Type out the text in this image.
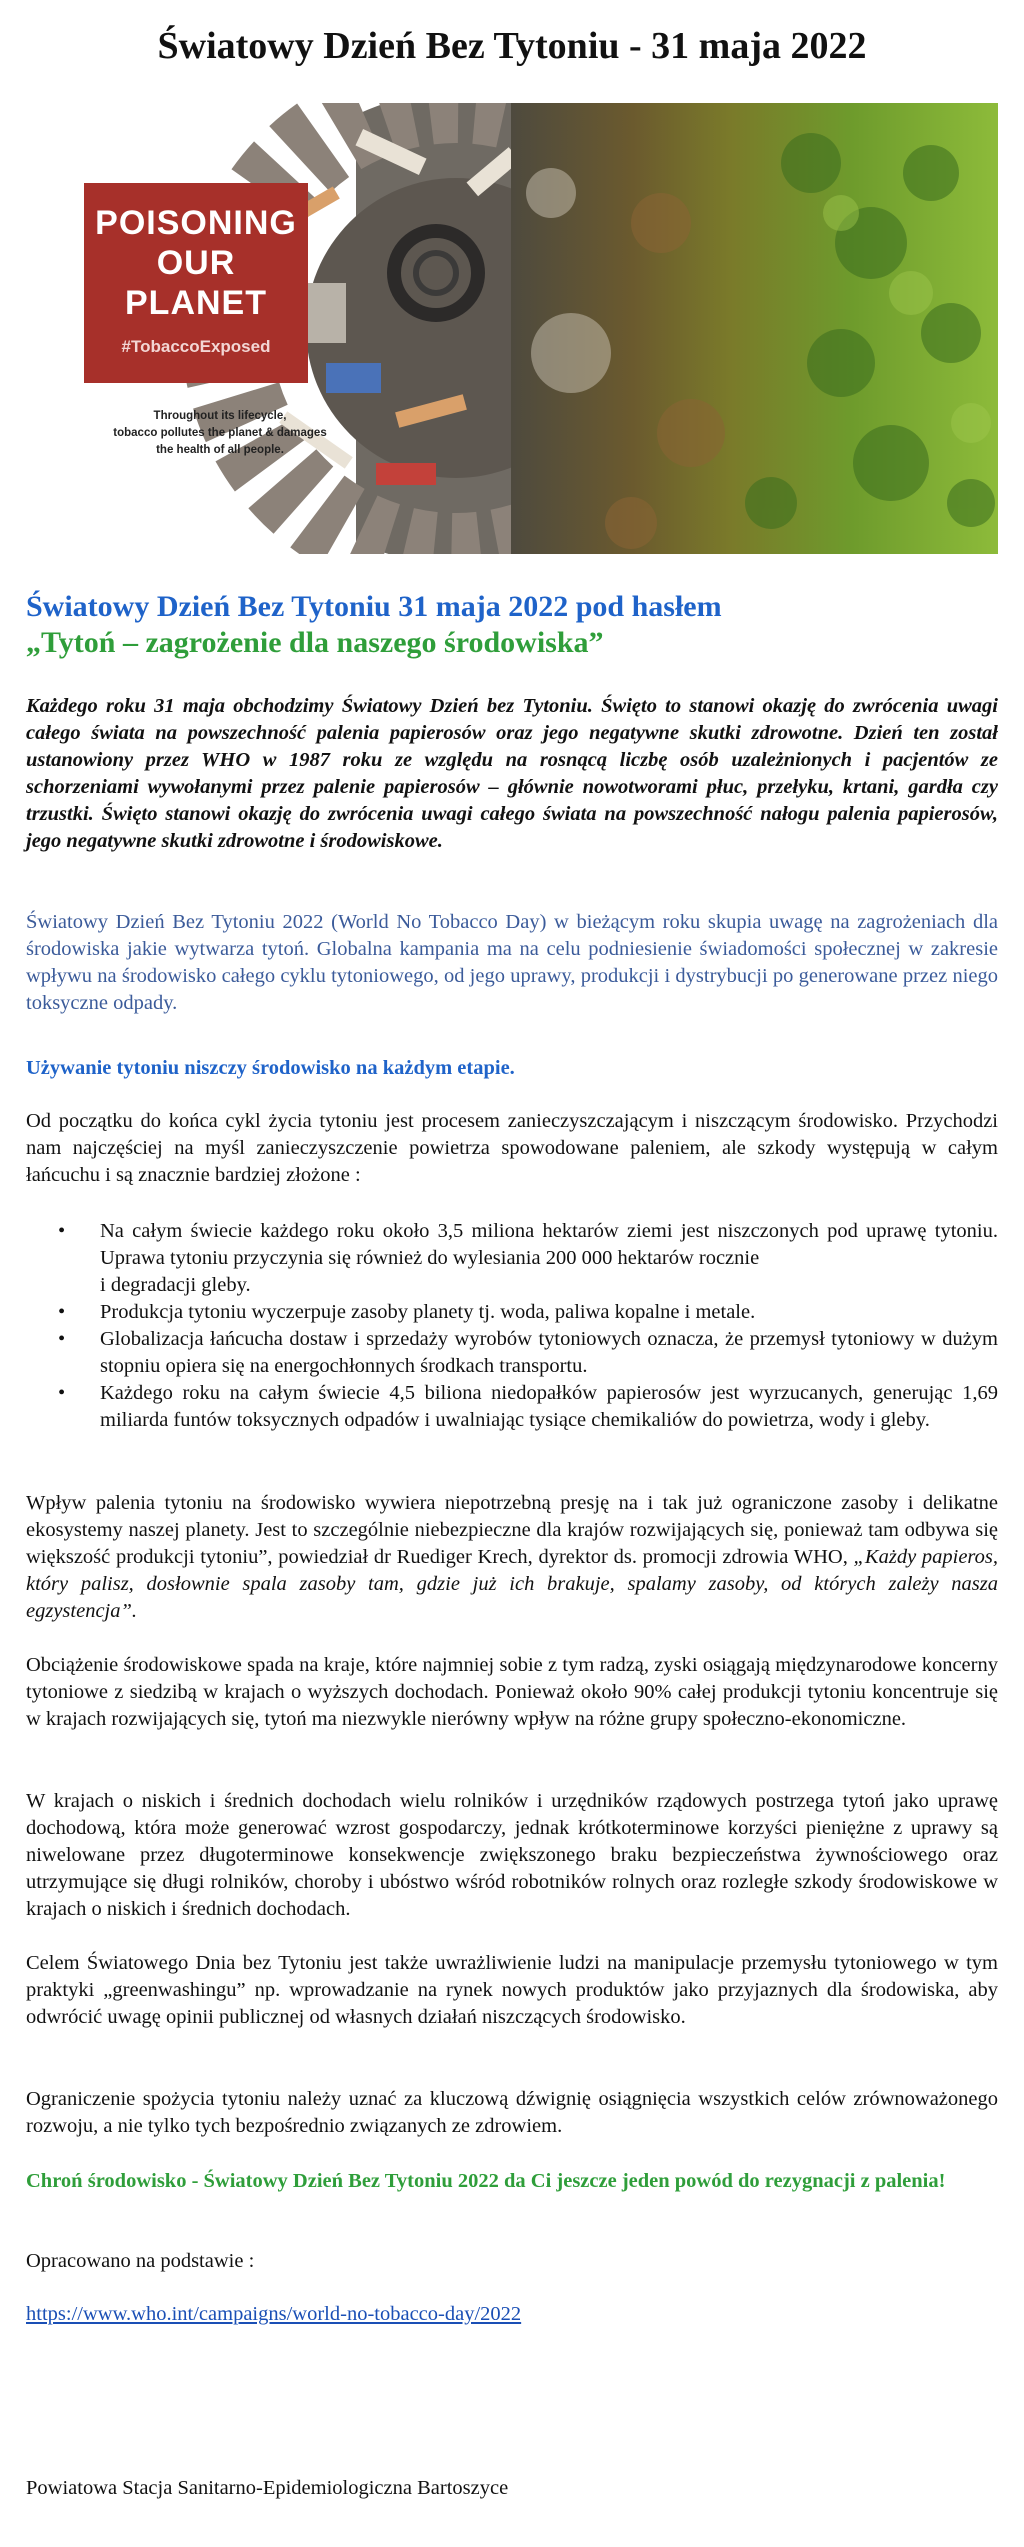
Światowy Dzień Bez Tytoniu - 31 maja 2022
POISONING
OUR PLANET
#TobaccoExposed
Throughout its lifecycle,
tobacco pollutes the planet & damages
the health of all people.
Światowy Dzień Bez Tytoniu 31 maja 2022 pod hasłem
„Tytoń – zagrożenie dla naszego środowiska”

Każdego roku 31 maja obchodzimy Światowy Dzień bez Tytoniu. Święto to stanowi okazję do zwrócenia uwagi całego świata na powszechność palenia papierosów oraz jego negatywne skutki zdrowotne. Dzień ten został ustanowiony przez WHO w 1987 roku ze względu na rosnącą liczbę osób uzależnionych i pacjentów ze schorzeniami wywołanymi przez palenie papierosów – głównie nowotworami płuc, przełyku, krtani, gardła czy trzustki. Święto stanowi okazję do zwrócenia uwagi całego świata na powszechność nałogu palenia papierosów, jego negatywne skutki zdrowotne i środowiskowe.

Światowy Dzień Bez Tytoniu 2022 (World No Tobacco Day) w bieżącym roku skupia uwagę na zagrożeniach dla środowiska jakie wytwarza tytoń. Globalna kampania ma na celu podniesienie świadomości społecznej w zakresie wpływu na środowisko całego cyklu tytoniowego, od jego uprawy, produkcji i dystrybucji po generowane przez niego toksyczne odpady.

Używanie tytoniu niszczy środowisko na każdym etapie.

Od początku do końca cykl życia tytoniu jest procesem zanieczyszczającym i niszczącym środowisko. Przychodzi nam najczęściej na myśl zanieczyszczenie powietrza spowodowane paleniem, ale szkody występują w całym łańcuchu i są znacznie bardziej złożone :

• Na całym świecie każdego roku około 3,5 miliona hektarów ziemi jest niszczonych pod uprawę tytoniu. Uprawa tytoniu przyczynia się również do wylesiania 200 000 hektarów rocznie
i degradacji gleby.
• Produkcja tytoniu wyczerpuje zasoby planety tj. woda, paliwa kopalne i metale.
• Globalizacja łańcucha dostaw i sprzedaży wyrobów tytoniowych oznacza, że przemysł tytoniowy w dużym stopniu opiera się na energochłonnych środkach transportu.
• Każdego roku na całym świecie 4,5 biliona niedopałków papierosów jest wyrzucanych, generując 1,69 miliarda funtów toksycznych odpadów i uwalniając tysiące chemikaliów do powietrza, wody i gleby.

Wpływ palenia tytoniu na środowisko wywiera niepotrzebną presję na i tak już ograniczone zasoby i delikatne ekosystemy naszej planety. Jest to szczególnie niebezpieczne dla krajów rozwijających się, ponieważ tam odbywa się większość produkcji tytoniu”, powiedział dr Ruediger Krech, dyrektor ds. promocji zdrowia WHO, „Każdy papieros, który palisz, dosłownie spala zasoby tam, gdzie już ich brakuje, spalamy zasoby, od których zależy nasza egzystencja”.

Obciążenie środowiskowe spada na kraje, które najmniej sobie z tym radzą, zyski osiągają międzynarodowe koncerny tytoniowe z siedzibą w krajach o wyższych dochodach. Ponieważ około 90% całej produkcji tytoniu koncentruje się w krajach rozwijających się, tytoń ma niezwykle nierówny wpływ na różne grupy społeczno-ekonomiczne.

W krajach o niskich i średnich dochodach wielu rolników i urzędników rządowych postrzega tytoń jako uprawę dochodową, która może generować wzrost gospodarczy, jednak krótkoterminowe korzyści pieniężne z uprawy są niwelowane przez długoterminowe konsekwencje zwiększonego braku bezpieczeństwa żywnościowego oraz utrzymujące się długi rolników, choroby i ubóstwo wśród robotników rolnych oraz rozległe szkody środowiskowe w krajach o niskich i średnich dochodach.

Celem Światowego Dnia bez Tytoniu jest także uwrażliwienie ludzi na manipulacje przemysłu tytoniowego w tym praktyki „greenwashingu” np. wprowadzanie na rynek nowych produktów jako przyjaznych dla środowiska, aby odwrócić uwagę opinii publicznej od własnych działań niszczących środowisko.

Ograniczenie spożycia tytoniu należy uznać za kluczową dźwignię osiągnięcia wszystkich celów zrównoważonego rozwoju, a nie tylko tych bezpośrednio związanych ze zdrowiem.

Chroń środowisko - Światowy Dzień Bez Tytoniu 2022 da Ci jeszcze jeden powód do rezygnacji z palenia!

Opracowano na podstawie :

https://www.who.int/campaigns/world-no-tobacco-day/2022
Powiatowa Stacja Sanitarno-Epidemiologiczna Bartoszyce
